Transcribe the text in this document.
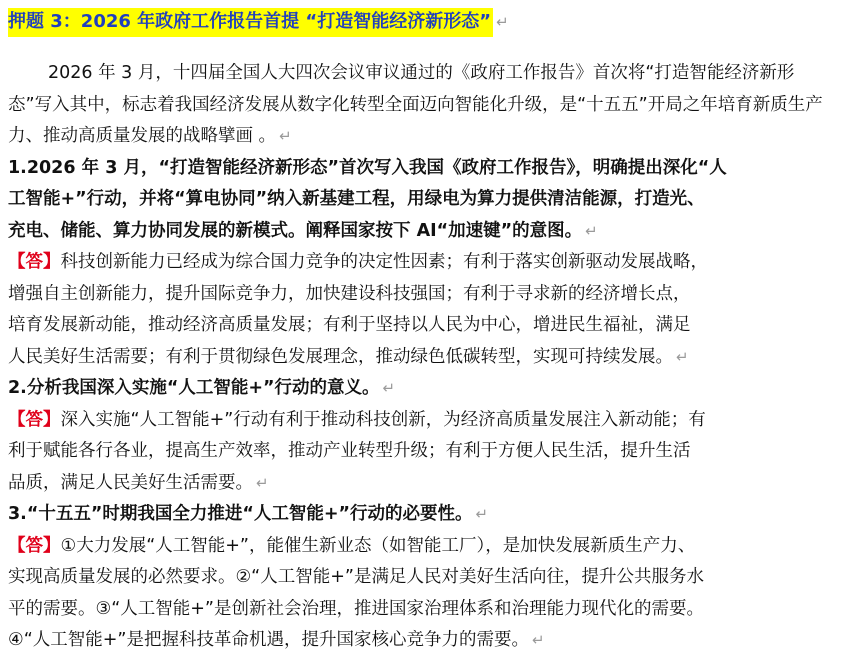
押题 3：2026 年政府工作报告首提 “打造智能经济新形态” ↵
2026 年 3 月，十四届全国人大四次会议审议通过的《政府工作报告》首次将“打造智能经济新形态”写入其中，标志着我国经济发展从数字化转型全面迈向智能化升级，是“十五五”开局之年培育新质生产力、推动高质量发展的战略擘画 。 ↵
1.2026 年 3 月，“打造智能经济新形态”首次写入我国《政府工作报告》，明确提出深化“人
工智能+”行动，并将“算电协同”纳入新基建工程，用绿电为算力提供清洁能源，打造光、
充电、储能、算力协同发展的新模式。阐释国家按下 AI“加速键”的意图。 ↵
【答】科技创新能力已经成为综合国力竞争的决定性因素；有利于落实创新驱动发展战略，
增强自主创新能力，提升国际竞争力，加快建设科技强国；有利于寻求新的经济增长点，
培育发展新动能，推动经济高质量发展；有利于坚持以人民为中心，增进民生福祉，满足
人民美好生活需要；有利于贯彻绿色发展理念，推动绿色低碳转型，实现可持续发展。 ↵
2.分析我国深入实施“人工智能+”行动的意义。 ↵
【答】深入实施“人工智能+”行动有利于推动科技创新，为经济高质量发展注入新动能；有
利于赋能各行各业，提高生产效率，推动产业转型升级；有利于方便人民生活，提升生活
品质，满足人民美好生活需要。 ↵
3.“十五五”时期我国全力推进“人工智能+”行动的必要性。 ↵
【答】①大力发展“人工智能+”，能催生新业态（如智能工厂），是加快发展新质生产力、
实现高质量发展的必然要求。②“人工智能+”是满足人民对美好生活向往，提升公共服务水
平的需要。③“人工智能+”是创新社会治理，推进国家治理体系和治理能力现代化的需要。
④“人工智能+”是把握科技革命机遇，提升国家核心竞争力的需要。 ↵
